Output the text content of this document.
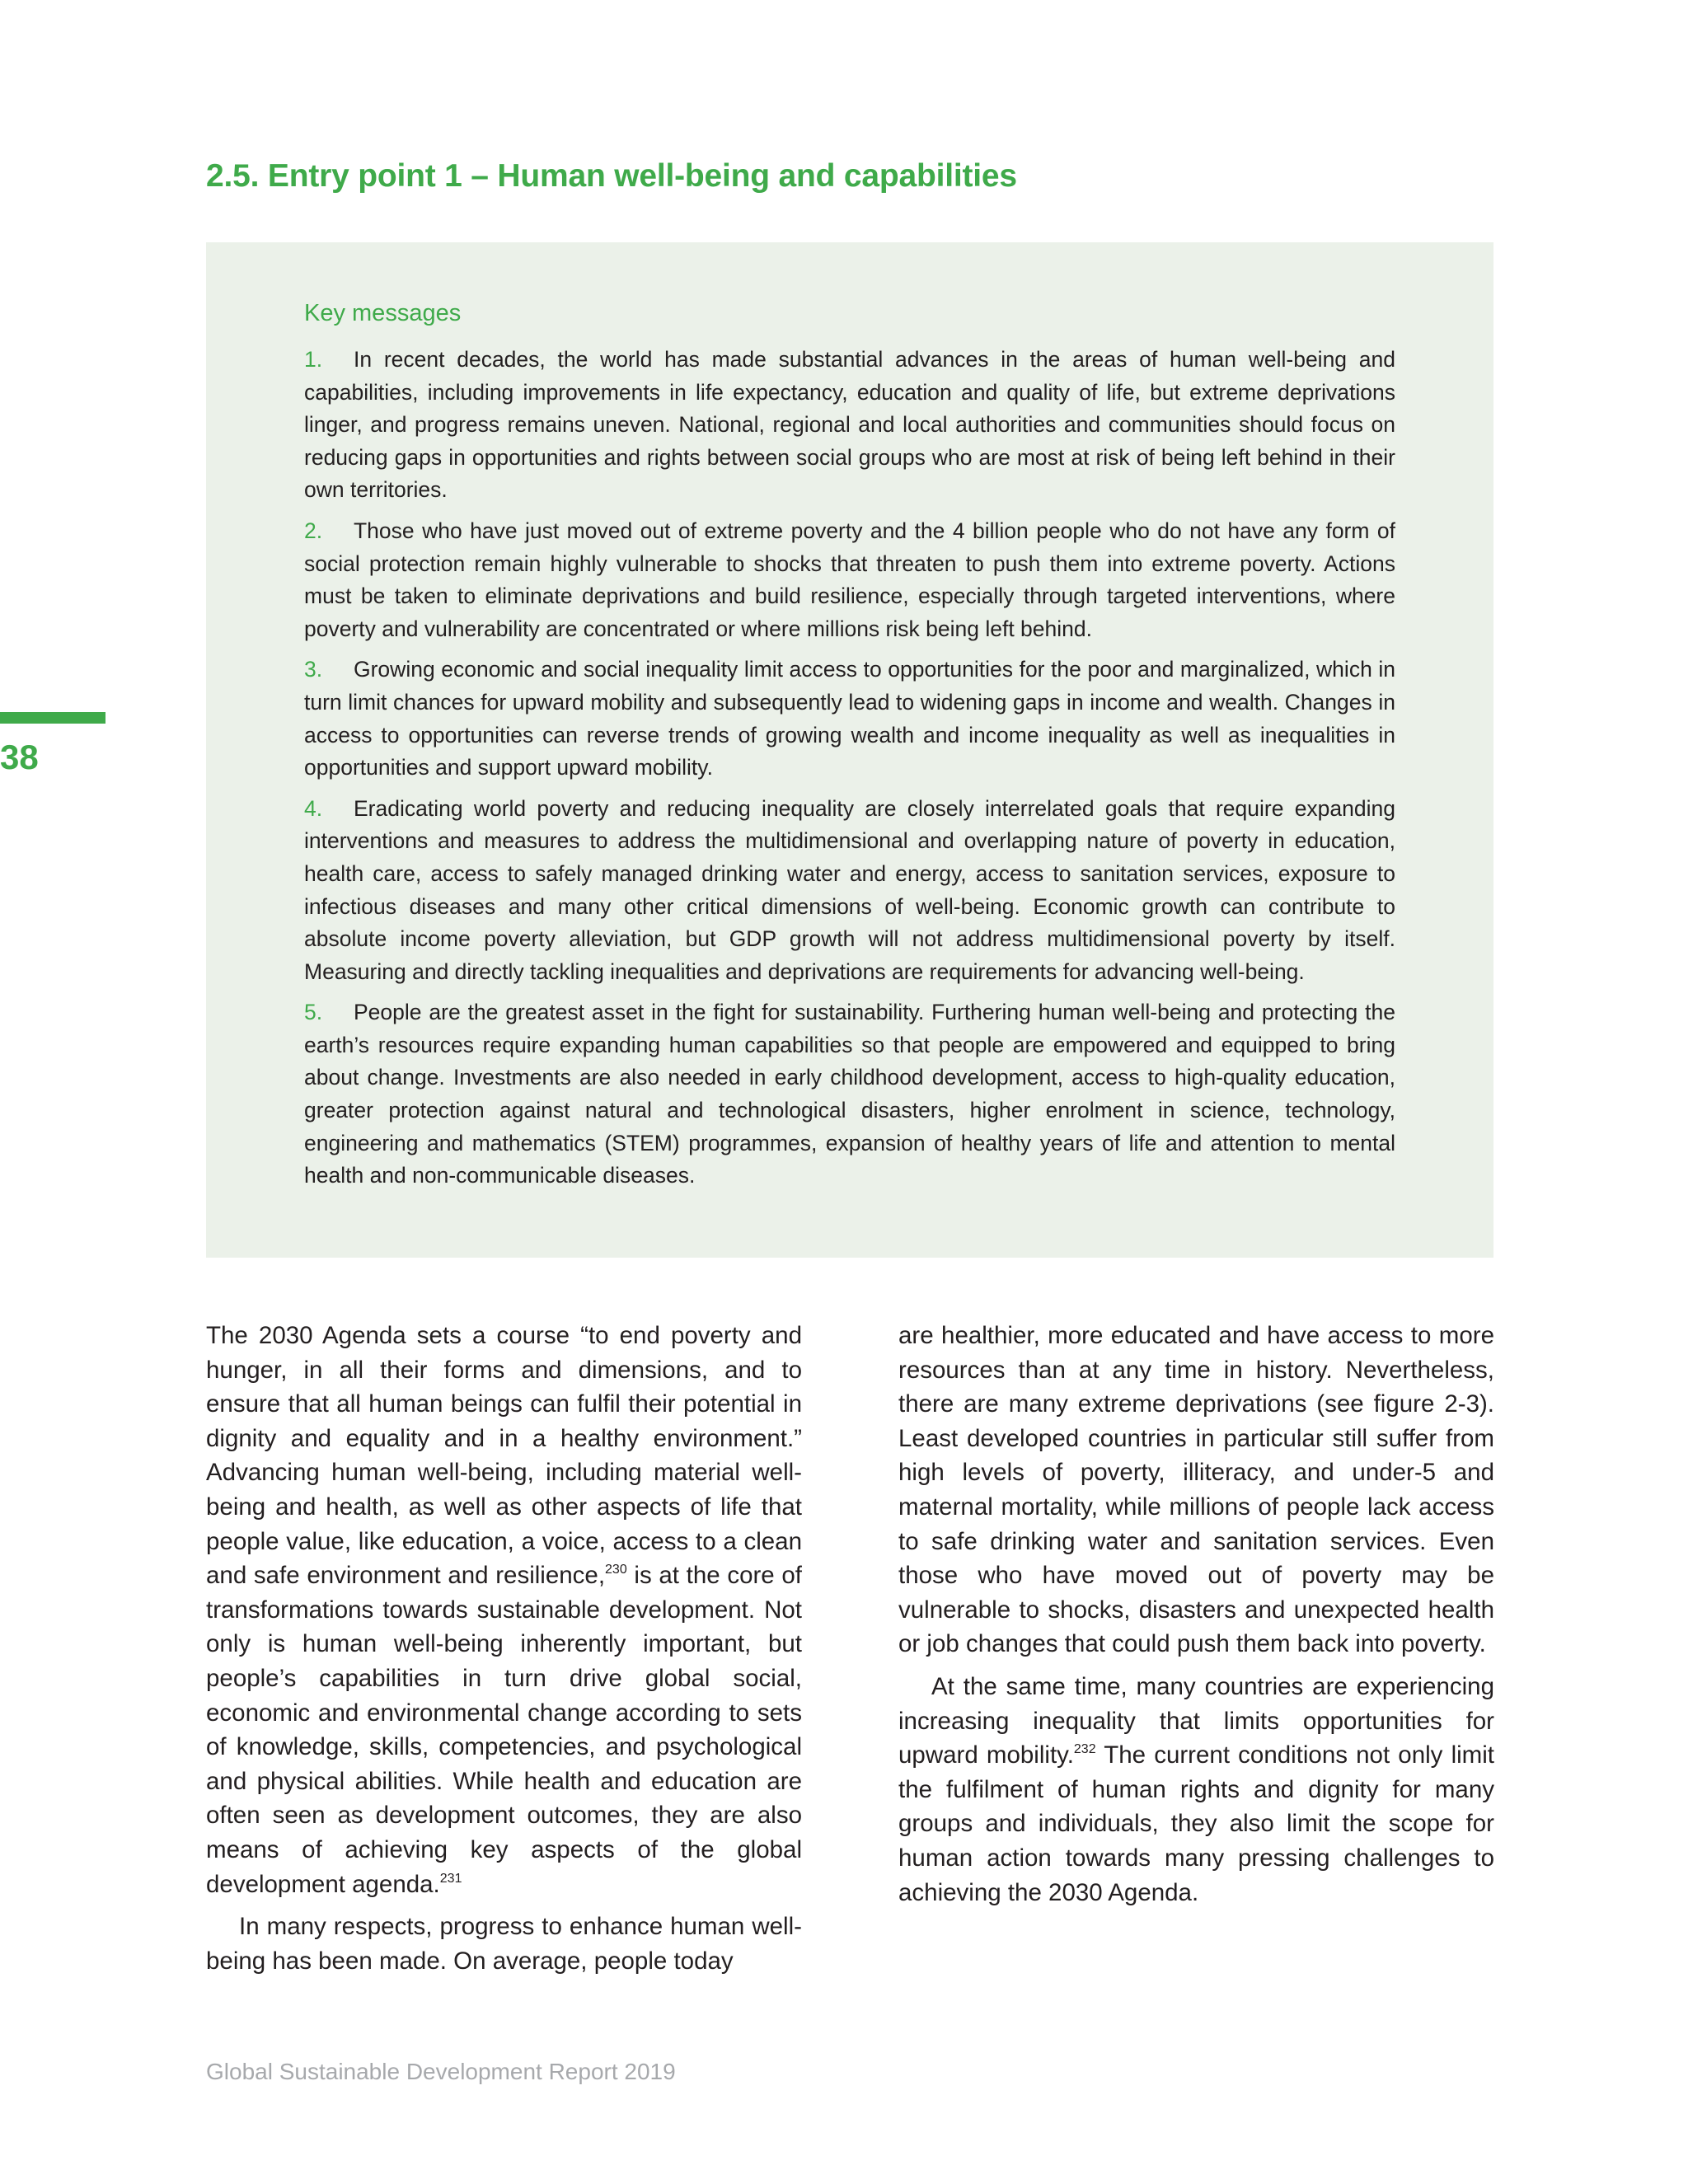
2.5. Entry point 1 – Human well-being and capabilities
Key messages

1. In recent decades, the world has made substantial advances in the areas of human well-being and capabilities, including improvements in life expectancy, education and quality of life, but extreme deprivations linger, and progress remains uneven. National, regional and local authorities and communities should focus on reducing gaps in opportunities and rights between social groups who are most at risk of being left behind in their own territories.

2. Those who have just moved out of extreme poverty and the 4 billion people who do not have any form of social protection remain highly vulnerable to shocks that threaten to push them into extreme poverty. Actions must be taken to eliminate deprivations and build resilience, especially through targeted interventions, where poverty and vulnerability are concentrated or where millions risk being left behind.

3. Growing economic and social inequality limit access to opportunities for the poor and marginalized, which in turn limit chances for upward mobility and subsequently lead to widening gaps in income and wealth. Changes in access to opportunities can reverse trends of growing wealth and income inequality as well as inequalities in opportunities and support upward mobility.

4. Eradicating world poverty and reducing inequality are closely interrelated goals that require expanding interventions and measures to address the multidimensional and overlapping nature of poverty in education, health care, access to safely managed drinking water and energy, access to sanitation services, exposure to infectious diseases and many other critical dimensions of well-being. Economic growth can contribute to absolute income poverty alleviation, but GDP growth will not address multidimensional poverty by itself. Measuring and directly tackling inequalities and deprivations are requirements for advancing well-being.

5. People are the greatest asset in the fight for sustainability. Furthering human well-being and protecting the earth’s resources require expanding human capabilities so that people are empowered and equipped to bring about change. Investments are also needed in early childhood development, access to high-quality education, greater protection against natural and technological disasters, higher enrolment in science, technology, engineering and mathematics (STEM) programmes, expansion of healthy years of life and attention to mental health and non-communicable diseases.

38

The 2030 Agenda sets a course “to end poverty and hunger, in all their forms and dimensions, and to ensure that all human beings can fulfil their potential in dignity and equality and in a healthy environment.” Advancing human well-being, including material well-being and health, as well as other aspects of life that people value, like education, a voice, access to a clean and safe environment and resilience,$^{230}$ is at the core of transformations towards sustainable development. Not only is human well-being inherently important, but people’s capabilities in turn drive global social, economic and environmental change according to sets of knowledge, skills, competencies, and psychological and physical abilities. While health and education are often seen as development outcomes, they are also means of achieving key aspects of the global development agenda.$^{231}$

In many respects, progress to enhance human well-being has been made. On average, people today

are healthier, more educated and have access to more resources than at any time in history. Nevertheless, there are many extreme deprivations (see figure 2-3). Least developed countries in particular still suffer from high levels of poverty, illiteracy, and under-5 and maternal mortality, while millions of people lack access to safe drinking water and sanitation services. Even those who have moved out of poverty may be vulnerable to shocks, disasters and unexpected health or job changes that could push them back into poverty.

At the same time, many countries are experiencing increasing inequality that limits opportunities for upward mobility.$^{232}$ The current conditions not only limit the fulfilment of human rights and dignity for many groups and individuals, they also limit the scope for human action towards many pressing challenges to achieving the 2030 Agenda.

Global Sustainable Development Report 2019
